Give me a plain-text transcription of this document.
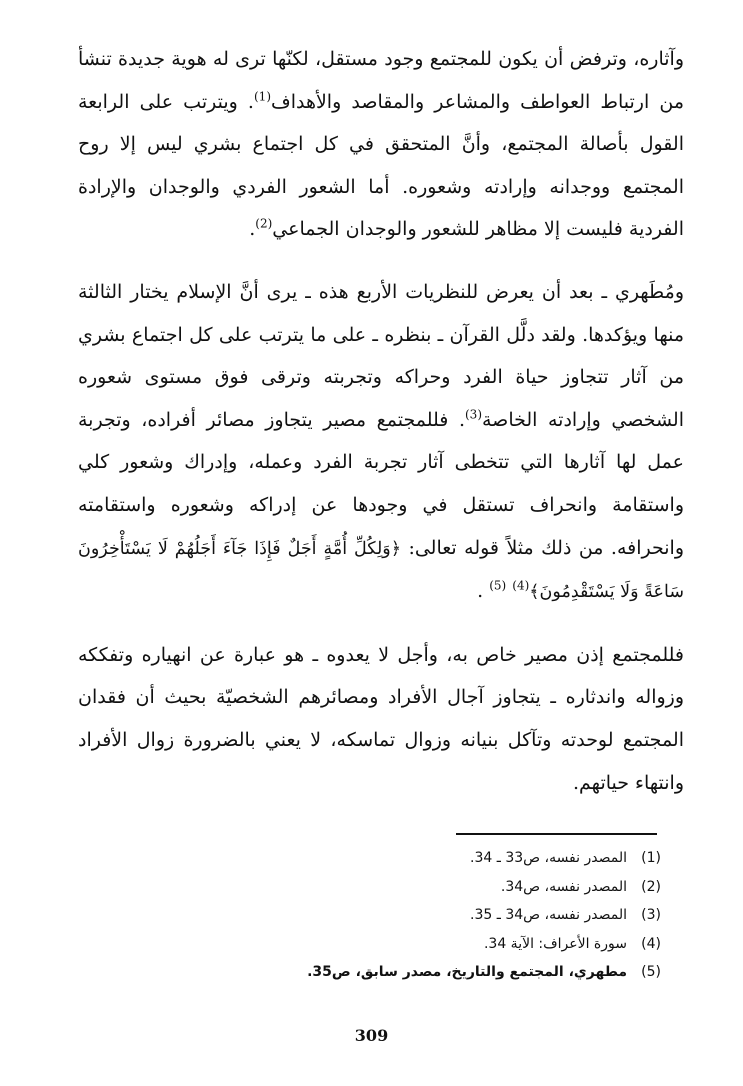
وآثاره، وترفض أن يكون للمجتمع وجود مستقل، لكنّها ترى له هوية جديدة تنشأ من ارتباط العواطف والمشاعر والمقاصد والأهداف$^{(1)}$. ويترتب على الرابعة القول بأصالة المجتمع، وأنَّ المتحقق في كل اجتماع بشري ليس إلا روح المجتمع ووجدانه وإرادته وشعوره. أما الشعور الفردي والوجدان والإرادة الفردية فليست إلا مظاهر للشعور والوجدان الجماعي$^{(2)}$.

ومُطَهري ـ بعد أن يعرض للنظريات الأربع هذه ـ يرى أنَّ الإسلام يختار الثالثة منها ويؤكدها. ولقد دلَّل القرآن ـ بنظره ـ على ما يترتب على كل اجتماع بشري من آثار تتجاوز حياة الفرد وحراكه وتجربته وترقى فوق مستوى شعوره الشخصي وإرادته الخاصة$^{(3)}$. فللمجتمع مصير يتجاوز مصائر أفراده، وتجربة عمل لها آثارها التي تتخطى آثار تجربة الفرد وعمله، وإدراك وشعور كلي واستقامة وانحراف تستقل في وجودها عن إدراكه وشعوره واستقامته وانحرافه. من ذلك مثلاً قوله تعالى: ﴿وَلِكُلِّ أُمَّةٍ أَجَلٌ فَإِذَا جَآءَ أَجَلُهُمْ لَا يَسْتَأْخِرُونَ سَاعَةً وَلَا يَسْتَقْدِمُونَ﴾$^{(4)}$ $^{(5)}$ .

فللمجتمع إذن مصير خاص به، وأجل لا يعدوه ـ هو عبارة عن انهياره وتفككه وزواله واندثاره ـ يتجاوز آجال الأفراد ومصائرهم الشخصيّة بحيث أن فقدان المجتمع لوحدته وتآكل بنيانه وزوال تماسكه، لا يعني بالضرورة زوال الأفراد وانتهاء حياتهم.

(1)
المصدر نفسه، ص33 ـ 34.
(2)
المصدر نفسه، ص34.
(3)
المصدر نفسه، ص34 ـ 35.
(4)
سورة الأعراف: الآية 34.
(5)
مطهري، المجتمع والتاريخ، مصدر سابق، ص35.
309
